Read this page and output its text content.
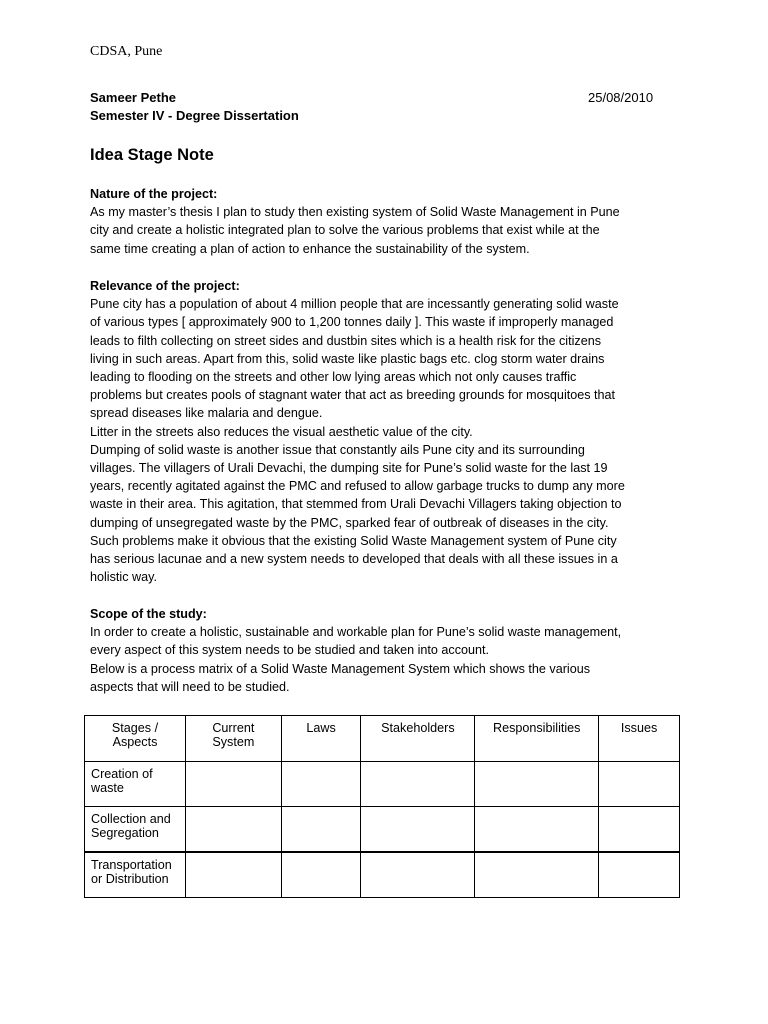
CDSA, Pune
Sameer Pethe
Semester IV - Degree Dissertation
25/08/2010
Idea Stage Note
Nature of the project:

As my master’s thesis I plan to study then existing system of Solid Waste Management in Pune
city and create a holistic integrated plan to solve the various problems that exist while at the
same time creating a plan of action to enhance the sustainability of the system.

Relevance of the project:

Pune city has a population of about 4 million people that are incessantly generating solid waste
of various types [ approximately 900 to 1,200 tonnes daily ]. This waste if improperly managed
leads to filth collecting on street sides and dustbin sites which is a health risk for the citizens
living in such areas. Apart from this, solid waste like plastic bags etc. clog storm water drains
leading to flooding on the streets and other low lying areas which not only causes traffic
problems but creates pools of stagnant water that act as breeding grounds for mosquitoes that
spread diseases like malaria and dengue.
Litter in the streets also reduces the visual aesthetic value of the city.
Dumping of solid waste is another issue that constantly ails Pune city and its surrounding
villages. The villagers of Urali Devachi, the dumping site for Pune’s solid waste for the last 19
years, recently agitated against the PMC and refused to allow garbage trucks to dump any more
waste in their area. This agitation, that stemmed from Urali Devachi Villagers taking objection to
dumping of unsegregated waste by the PMC, sparked fear of outbreak of diseases in the city.
Such problems make it obvious that the existing Solid Waste Management system of Pune city
has serious lacunae and a new system needs to developed that deals with all these issues in a
holistic way.

Scope of the study:

In order to create a holistic, sustainable and workable plan for Pune’s solid waste management,
every aspect of this system needs to be studied and taken into account.
Below is a process matrix of a Solid Waste Management System which shows the various
aspects that will need to be studied.

Stages / Aspects	Current System	Laws	Stakeholders	Responsibilities	Issues
Creation of waste					
Collection and Segregation					
Transportation or Distribution					
